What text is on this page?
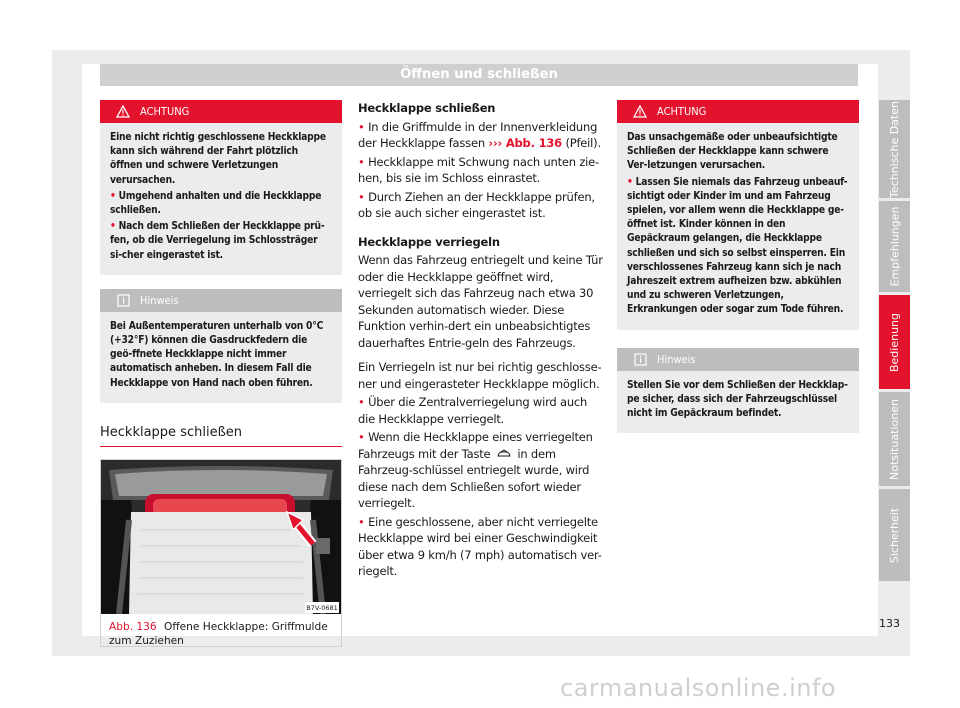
Öffnen und schließen
ACHTUNG

Eine nicht richtig geschlossene Heckklappe kann sich während der Fahrt plötzlich öffnen und schwere Verletzungen verursachen.

• Umgehend anhalten und die Heckklappe schließen.

• Nach dem Schließen der Heckklappe prü-fen, ob die Verriegelung im Schlossträger si-cher eingerastet ist.

Hinweis

Bei Außentemperaturen unterhalb von 0°C (+32°F) können die Gasdruckfedern die geö-ffnete Heckklappe nicht immer automatisch anheben. In diesem Fall die Heckklappe von Hand nach oben führen.

Heckklappe schließen
B7V-0681
Abb. 136 Offene Heckklappe: Griffmulde zum Zuziehen
Heckklappe schließen

• In die Griffmulde in der Innenverkleidung der Heckklappe fassen ››› Abb. 136 (Pfeil).

• Heckklappe mit Schwung nach unten zie-hen, bis sie im Schloss einrastet.

• Durch Ziehen an der Heckklappe prüfen, ob sie auch sicher eingerastet ist.

Heckklappe verriegeln

Wenn das Fahrzeug entriegelt und keine Tür oder die Heckklappe geöffnet wird, verriegelt sich das Fahrzeug nach etwa 30 Sekunden automatisch wieder. Diese Funktion verhin-dert ein unbeabsichtigtes dauerhaftes Entrie-geln des Fahrzeugs.

Ein Verriegeln ist nur bei richtig geschlosse-ner und eingerasteter Heckklappe möglich.

• Über die Zentralverriegelung wird auch die Heckklappe verriegelt.

• Wenn die Heckklappe eines verriegelten Fahrzeugs mit der Taste in dem Fahrzeug-schlüssel entriegelt wurde, wird diese nach dem Schließen sofort wieder verriegelt.

• Eine geschlossene, aber nicht verriegelte Heckklappe wird bei einer Geschwindigkeit über etwa 9 km/h (7 mph) automatisch ver-riegelt.

ACHTUNG

Das unsachgemäße oder unbeaufsichtigte Schließen der Heckklappe kann schwere Ver-letzungen verursachen.

• Lassen Sie niemals das Fahrzeug unbeauf-sichtigt oder Kinder im und am Fahrzeug spielen, vor allem wenn die Heckklappe ge-öffnet ist. Kinder können in den Gepäckraum gelangen, die Heckklappe schließen und sich so selbst einsperren. Ein verschlossenes Fahrzeug kann sich je nach Jahreszeit extrem aufheizen bzw. abkühlen und zu schweren Verletzungen, Erkrankungen oder sogar zum Tode führen.

Hinweis

Stellen Sie vor dem Schließen der Heckklap-pe sicher, dass sich der Fahrzeugschlüssel nicht im Gepäckraum befindet.

Technische Daten
Empfehlungen
Bedienung
Notsituationen
Sicherheit
133
carmanualsonline.info
